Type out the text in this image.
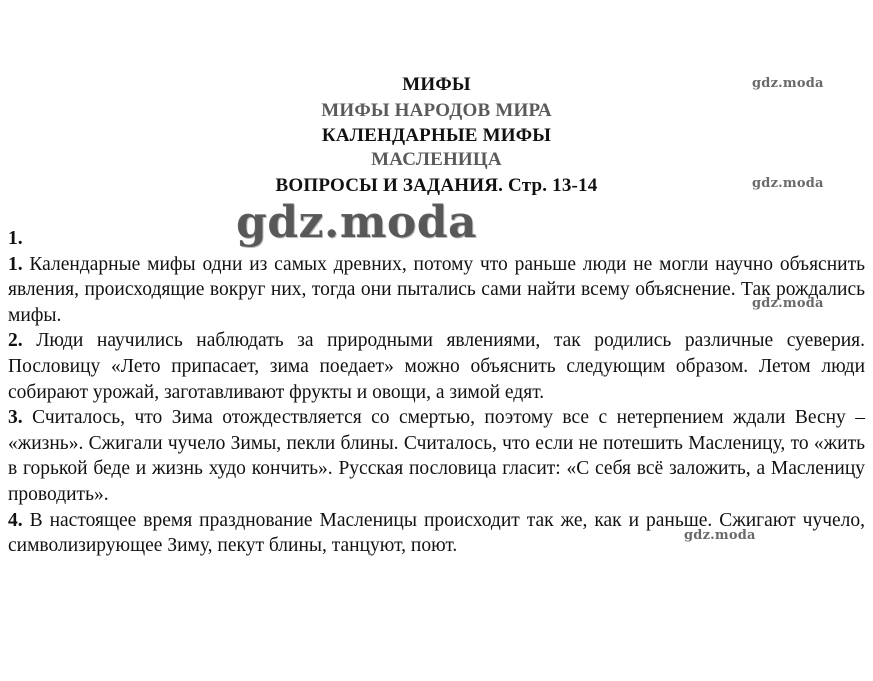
МИФЫ
МИФЫ НАРОДОВ МИРА
КАЛЕНДАРНЫЕ МИФЫ
МАСЛЕНИЦА
ВОПРОСЫ И ЗАДАНИЯ. Стр. 13-14
gdz.moda
gdz.moda
gdz.moda
gdz.moda

1.

1. Календарные мифы одни из самых древних, потому что раньше люди не могли научно объяснить явления, происходящие вокруг них, тогда они пытались сами найти всему объяснение. Так рождались мифы.

2. Люди научились наблюдать за природными явлениями, так родились различные суеверия. Пословицу «Лето припасает, зима поедает» можно объяснить следующим образом. Летом люди собирают урожай, заготавливают фрукты и овощи, а зимой едят.

3. Считалось, что Зима отождествляется со смертью, поэтому все с нетерпением ждали Весну – «жизнь». Сжигали чучело Зимы, пекли блины. Считалось, что если не потешить Масленицу, то «жить в горькой беде и жизнь худо кончить». Русская пословица гласит: «С себя всё заложить, а Масленицу проводить».

4. В настоящее время празднование Масленицы происходит так же, как и раньше. Сжигают чучело, символизирующее Зиму, пекут блины, танцуют, поют.

gdz.moda
